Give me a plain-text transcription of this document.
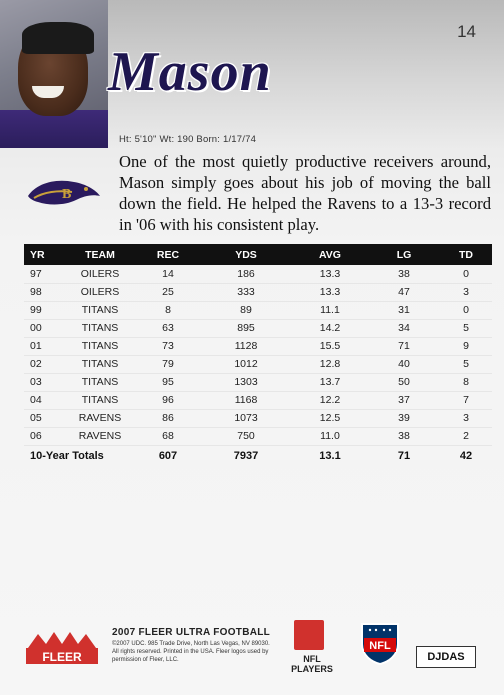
14
Mason
Ht: 5'10" Wt: 190 Born: 1/17/74
B
One of the most quietly productive receivers around, Mason simply goes about his job of moving the ball down the field. He helped the Ravens to a 13-3 record in '06 with his consistent play.
YR	TEAM	REC	YDS	AVG	LG	TD
97	OILERS	14	186	13.3	38	0
98	OILERS	25	333	13.3	47	3
99	TITANS	8	89	11.1	31	0
00	TITANS	63	895	14.2	34	5
01	TITANS	73	1128	15.5	71	9
02	TITANS	79	1012	12.8	40	5
03	TITANS	95	1303	13.7	50	8
04	TITANS	96	1168	12.2	37	7
05	RAVENS	86	1073	12.5	39	3
06	RAVENS	68	750	11.0	38	2
10-Year Totals		607	7937	13.1	71	42
FLEER
2007 FLEER ULTRA FOOTBALL
©2007 UDC. 985 Trade Drive, North Las Vegas, NV 89030. All rights reserved. Printed in the USA. Fleer logos used by permission of Fleer, LLC.	NFL PLAYERS
NFL
DJDAS
